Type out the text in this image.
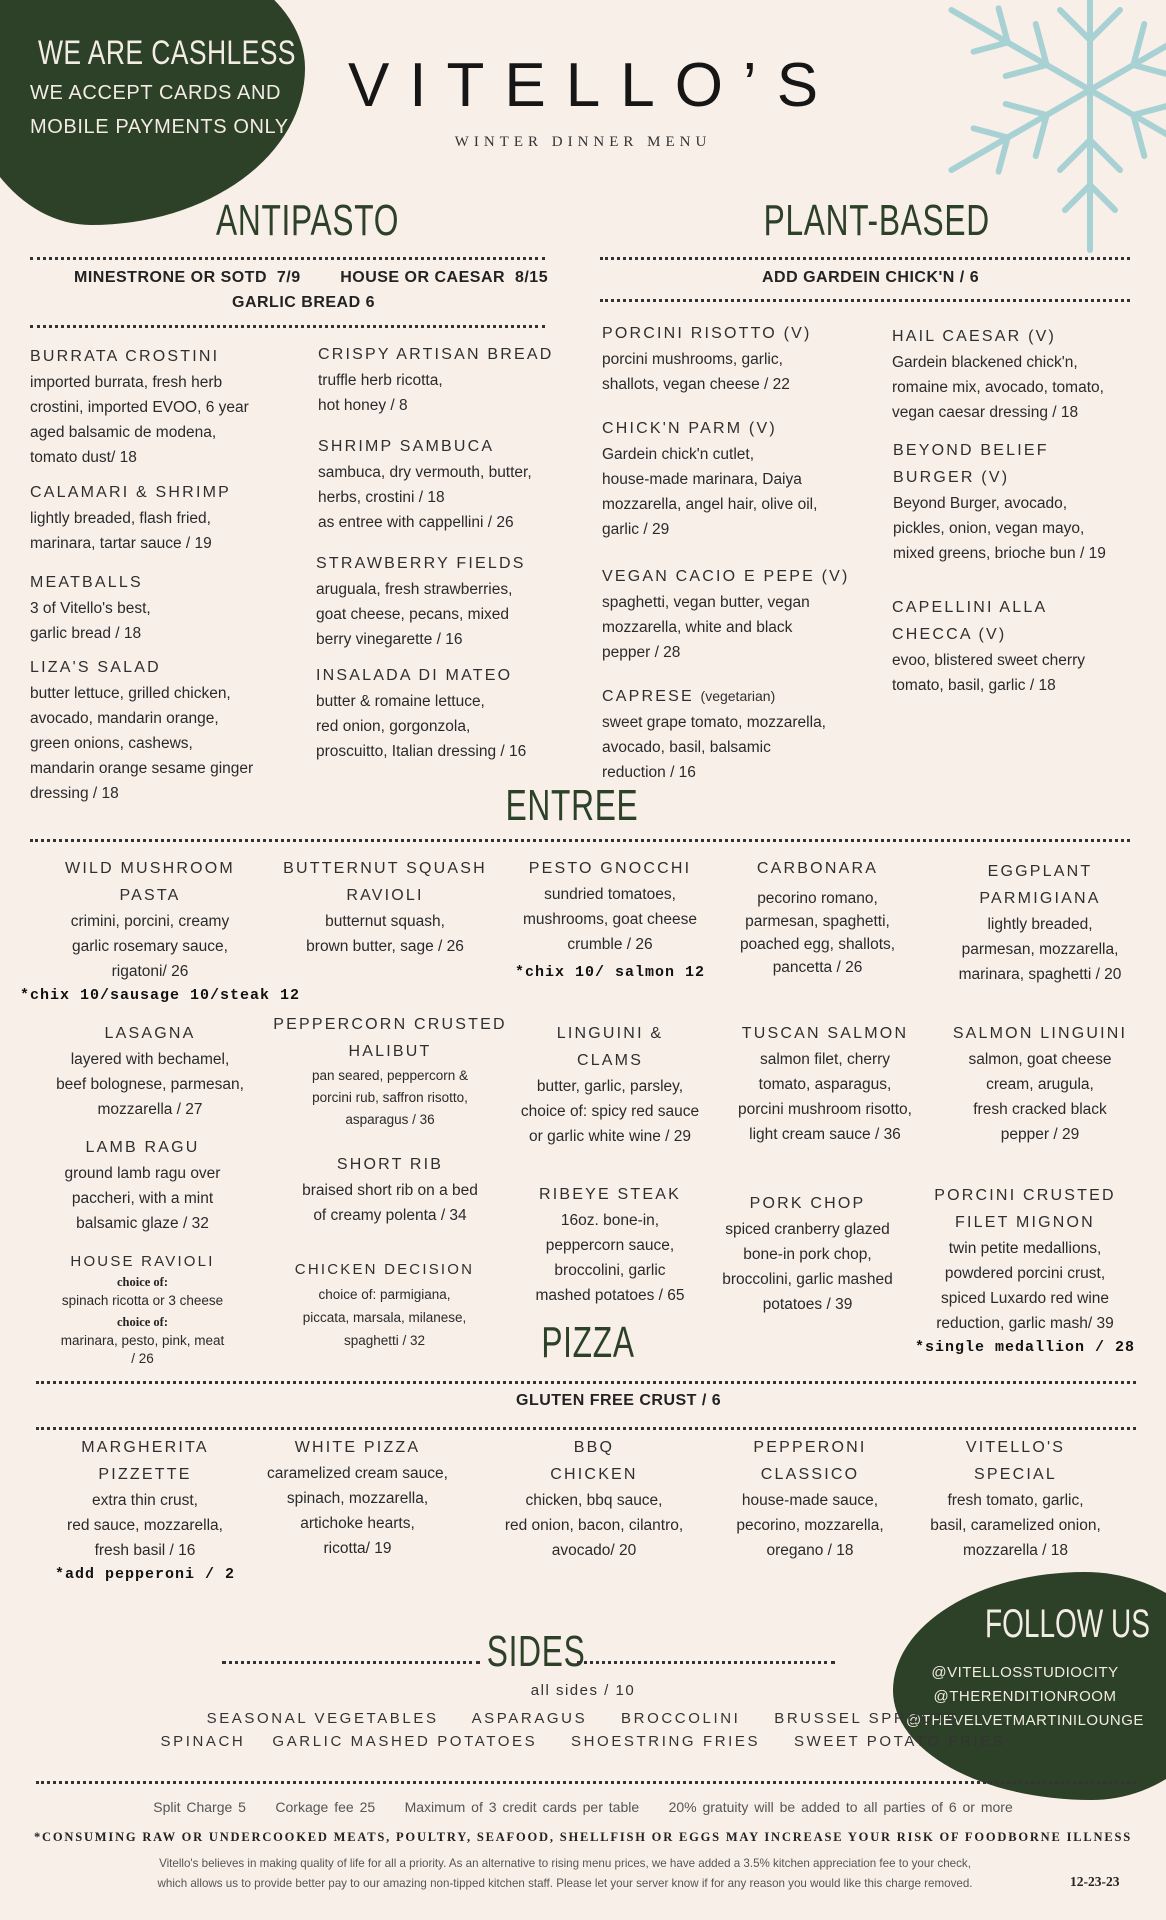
WE ARE CASHLESS
WE ACCEPT CARDS AND
MOBILE PAYMENTS ONLY
VITELLO’S
WINTER DINNER MENU
ANTIPASTO
MINESTRONE OR SOTD  7/9        HOUSE OR CAESAR  8/15
GARLIC BREAD 6
BURRATA CROSTINI
imported burrata, fresh herb
crostini, imported EVOO, 6 year
aged balsamic de modena,
tomato dust/ 18
CALAMARI & SHRIMP
lightly breaded, flash fried,
marinara, tartar sauce / 19
MEATBALLS
3 of Vitello's best,
garlic bread / 18
LIZA'S SALAD
butter lettuce, grilled chicken,
avocado, mandarin orange,
green onions, cashews,
mandarin orange sesame ginger
dressing / 18
CRISPY ARTISAN BREAD
truffle herb ricotta,
hot honey / 8
SHRIMP SAMBUCA
sambuca, dry vermouth, butter,
herbs, crostini / 18
as entree with cappellini / 26
STRAWBERRY FIELDS
aruguala, fresh strawberries,
goat cheese, pecans, mixed
berry vinegarette / 16
INSALADA DI MATEO
butter & romaine lettuce,
red onion, gorgonzola,
proscuitto, Italian dressing / 16
PLANT-BASED
ADD GARDEIN CHICK'N / 6
PORCINI RISOTTO (V)
porcini mushrooms, garlic,
shallots, vegan cheese / 22
CHICK'N PARM (V)
Gardein chick'n cutlet,
house-made marinara, Daiya
mozzarella, angel hair, olive oil,
garlic / 29
VEGAN CACIO E PEPE (V)
spaghetti, vegan butter, vegan
mozzarella, white and black
pepper / 28
CAPRESE (vegetarian)
sweet grape tomato, mozzarella,
avocado, basil, balsamic
reduction / 16
HAIL CAESAR (V)
Gardein blackened chick'n,
romaine mix, avocado, tomato,
vegan caesar dressing / 18
BEYOND BELIEF
BURGER (V)
Beyond Burger, avocado,
pickles, onion, vegan mayo,
mixed greens, brioche bun / 19
CAPELLINI ALLA
CHECCA (V)
evoo, blistered sweet cherry
tomato, basil, garlic / 18
ENTREE
WILD MUSHROOM
PASTA
crimini, porcini, creamy
garlic rosemary sauce,
rigatoni/ 26
*chix 10/sausage 10/steak 12
BUTTERNUT SQUASH
RAVIOLI
butternut squash,
brown butter, sage / 26
PESTO GNOCCHI
sundried tomatoes,
mushrooms, goat cheese
crumble / 26
*chix 10/ salmon 12
CARBONARA
pecorino romano,
parmesan, spaghetti,
poached egg, shallots,
pancetta / 26
EGGPLANT
PARMIGIANA
lightly breaded,
parmesan, mozzarella,
marinara, spaghetti / 20
LASAGNA
layered with bechamel,
beef bolognese, parmesan,
mozzarella / 27
PEPPERCORN CRUSTED
HALIBUT
pan seared, peppercorn &
porcini rub, saffron risotto,
asparagus / 36
LINGUINI &
CLAMS
butter, garlic, parsley,
choice of: spicy red sauce
or garlic white wine / 29
TUSCAN SALMON
salmon filet, cherry
tomato, asparagus,
porcini mushroom risotto,
light cream sauce / 36
SALMON LINGUINI
salmon, goat cheese
cream, arugula,
fresh cracked black
pepper / 29
LAMB RAGU
ground lamb ragu over
paccheri, with a mint
balsamic glaze / 32
SHORT RIB
braised short rib on a bed
of creamy polenta / 34
RIBEYE STEAK
16oz. bone-in,
peppercorn sauce,
broccolini, garlic
mashed potatoes / 65
PORK CHOP
spiced cranberry glazed
bone-in pork chop,
broccolini, garlic mashed
potatoes / 39
PORCINI CRUSTED
FILET MIGNON
twin petite medallions,
powdered porcini crust,
spiced Luxardo red wine
reduction, garlic mash/ 39
*single medallion / 28
HOUSE RAVIOLI
choice of:
spinach ricotta or 3 cheese
choice of:
marinara, pesto, pink, meat
/ 26
CHICKEN DECISION
choice of: parmigiana,
piccata, marsala, milanese,
spaghetti / 32	PIZZA
GLUTEN FREE CRUST / 6
MARGHERITA
PIZZETTE
extra thin crust,
red sauce, mozzarella,
fresh basil / 16
*add pepperoni / 2
WHITE PIZZA
caramelized cream sauce,
spinach, mozzarella,
artichoke hearts,
ricotta/ 19
BBQ
CHICKEN
chicken, bbq sauce,
red onion, bacon, cilantro,
avocado/ 20
PEPPERONI
CLASSICO
house-made sauce,
pecorino, mozzarella,
oregano / 18
VITELLO'S
SPECIAL
fresh tomato, garlic,
basil, caramelized onion,
mozzarella / 18
FOLLOW US
@VITELLOSSTUDIOCITY
@THERENDITIONROOM
@THEVELVETMARTINILOUNGE
SIDES
all sides / 10
SEASONAL VEGETABLES     ASPARAGUS     BROCCOLINI     BRUSSEL SPROUTS
SPINACH    GARLIC MASHED POTATOES     SHOESTRING FRIES     SWEET POTATO FRIES
Split Charge 5     Corkage fee 25     Maximum of 3 credit cards per table     20% gratuity will be added to all parties of 6 or more
*CONSUMING RAW OR UNDERCOOKED MEATS, POULTRY, SEAFOOD, SHELLFISH OR EGGS MAY INCREASE YOUR RISK OF FOODBORNE ILLNESS
Vitello's believes in making quality of life for all a priority. As an alternative to rising menu prices, we have added a 3.5% kitchen appreciation fee to your check,
which allows us to provide better pay to our amazing non-tipped kitchen staff. Please let your server know if for any reason you would like this charge removed.	12-23-23
